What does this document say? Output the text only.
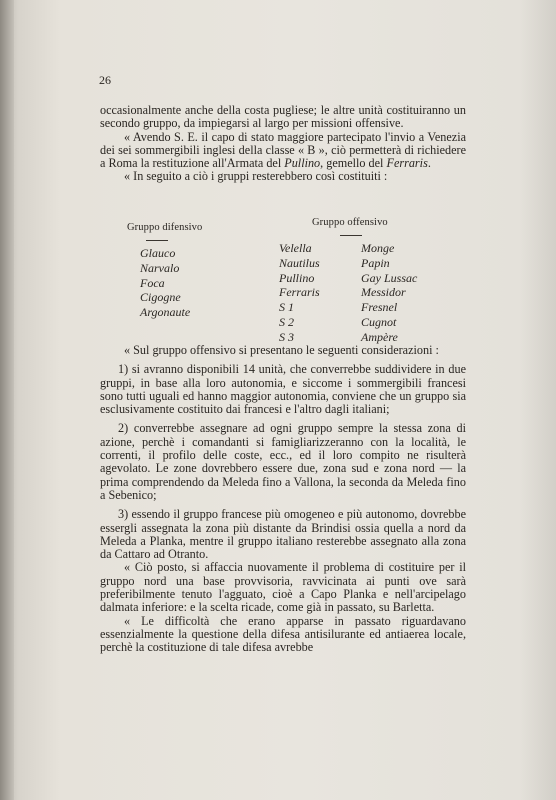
26

occasionalmente anche della costa pugliese; le altre unità costituiranno un secondo gruppo, da impiegarsi al largo per missioni offensive.

« Avendo S. E. il capo di stato maggiore partecipato l'invio a Venezia dei sei sommergibili inglesi della classe « B », ciò permetterà di richiedere a Roma la restituzione all'Armata del Pullino, gemello del Ferraris.

« In seguito a ciò i gruppi resterebbero così costituiti :

Gruppo difensivo	Gruppo offensivo
Glauco
Narvalo
Foca
Cigogne
Argonaute
Velella
Nautilus
Pullino
Ferraris
S 1
S 2
S 3
Monge
Papin
Gay Lussac
Messidor
Fresnel
Cugnot
Ampère

« Sul gruppo offensivo si presentano le seguenti considerazioni :

1) si avranno disponibili 14 unità, che converrebbe suddividere in due gruppi, in base alla loro autonomia, e siccome i sommergibili francesi sono tutti uguali ed hanno maggior autonomia, conviene che un gruppo sia esclusivamente costituito dai francesi e l'altro dagli italiani;

2) converrebbe assegnare ad ogni gruppo sempre la stessa zona di azione, perchè i comandanti si famigliarizzeranno con la località, le correnti, il profilo delle coste, ecc., ed il loro compito ne risulterà agevolato. Le zone dovrebbero essere due, zona sud e zona nord — la prima comprendendo da Meleda fino a Vallona, la seconda da Meleda fino a Sebenico;

3) essendo il gruppo francese più omogeneo e più autonomo, dovrebbe essergli assegnata la zona più distante da Brindisi ossia quella a nord da Meleda a Planka, mentre il gruppo italiano resterebbe assegnato alla zona da Cattaro ad Otranto.

« Ciò posto, si affaccia nuovamente il problema di costituire per il gruppo nord una base provvisoria, ravvicinata ai punti ove sarà preferibilmente tenuto l'agguato, cioè a Capo Planka e nell'arcipelago dalmata inferiore: e la scelta ricade, come già in passato, su Barletta.

« Le difficoltà che erano apparse in passato riguardavano essenzialmente la questione della difesa antisilurante ed antiaerea locale, perchè la costituzione di tale difesa avrebbe
